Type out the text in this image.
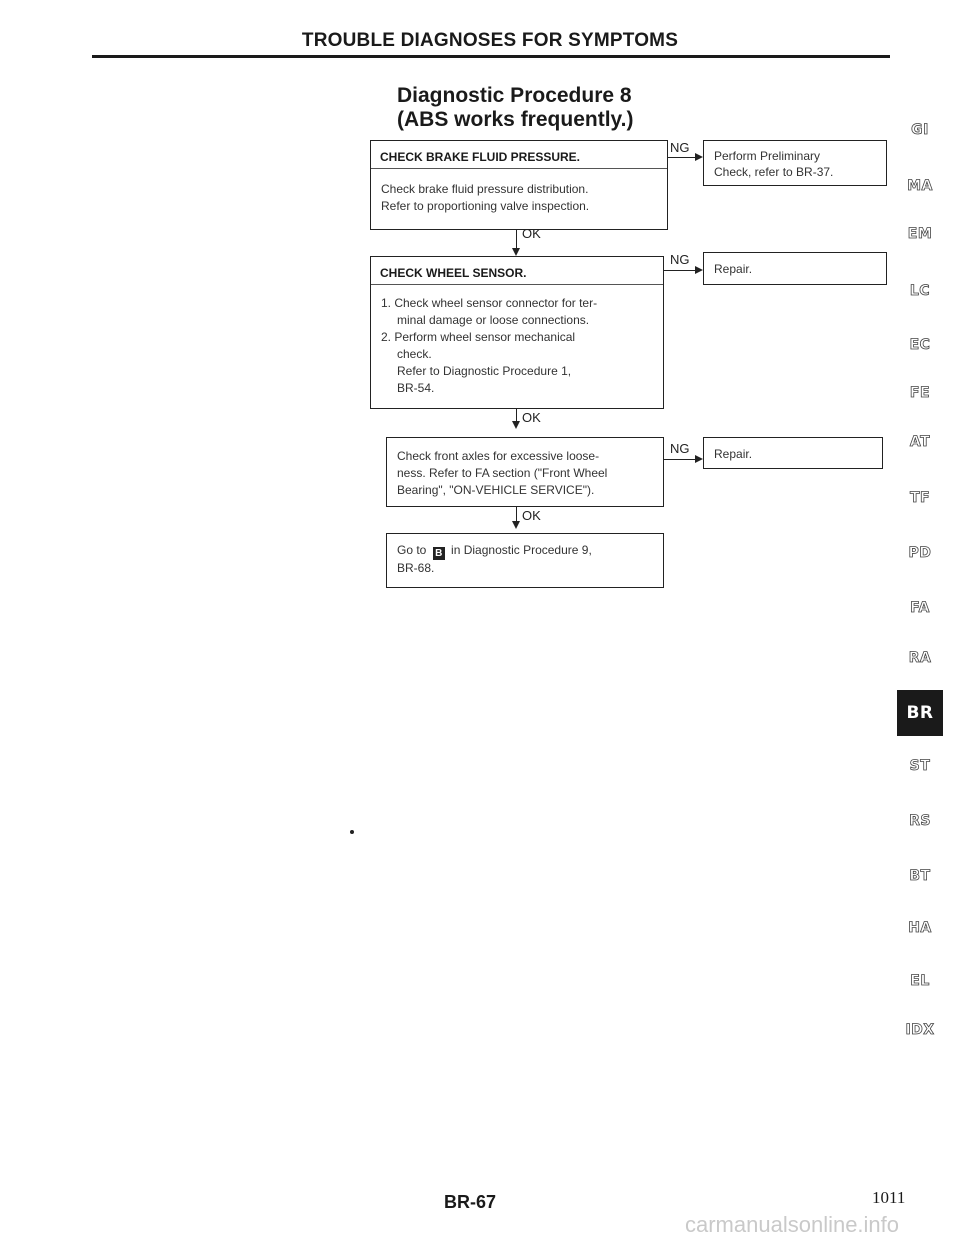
TROUBLE DIAGNOSES FOR SYMPTOMS
Diagnostic Procedure 8
(ABS works frequently.)
CHECK BRAKE FLUID PRESSURE.
Check brake fluid pressure distribution.
Refer to proportioning valve inspection.
NG
Perform Preliminary
Check, refer to BR-37.
OK
CHECK WHEEL SENSOR.
1. Check wheel sensor connector for ter-
minal damage or loose connections.
2. Perform wheel sensor mechanical
check.
Refer to Diagnostic Procedure 1,
BR-54.
NG
Repair.
OK
Check front axles for excessive loose-
ness. Refer to FA section ("Front Wheel
Bearing", "ON-VEHICLE SERVICE").
NG	Repair.
OK
Go to B in Diagnostic Procedure 9,
BR-68.
GI
MA
EM
LC
EC
FE
AT
TF
PD
FA
RA
BR
ST
RS
BT
HA
EL
IDX
BR-67	1011
carmanualsonline.info
